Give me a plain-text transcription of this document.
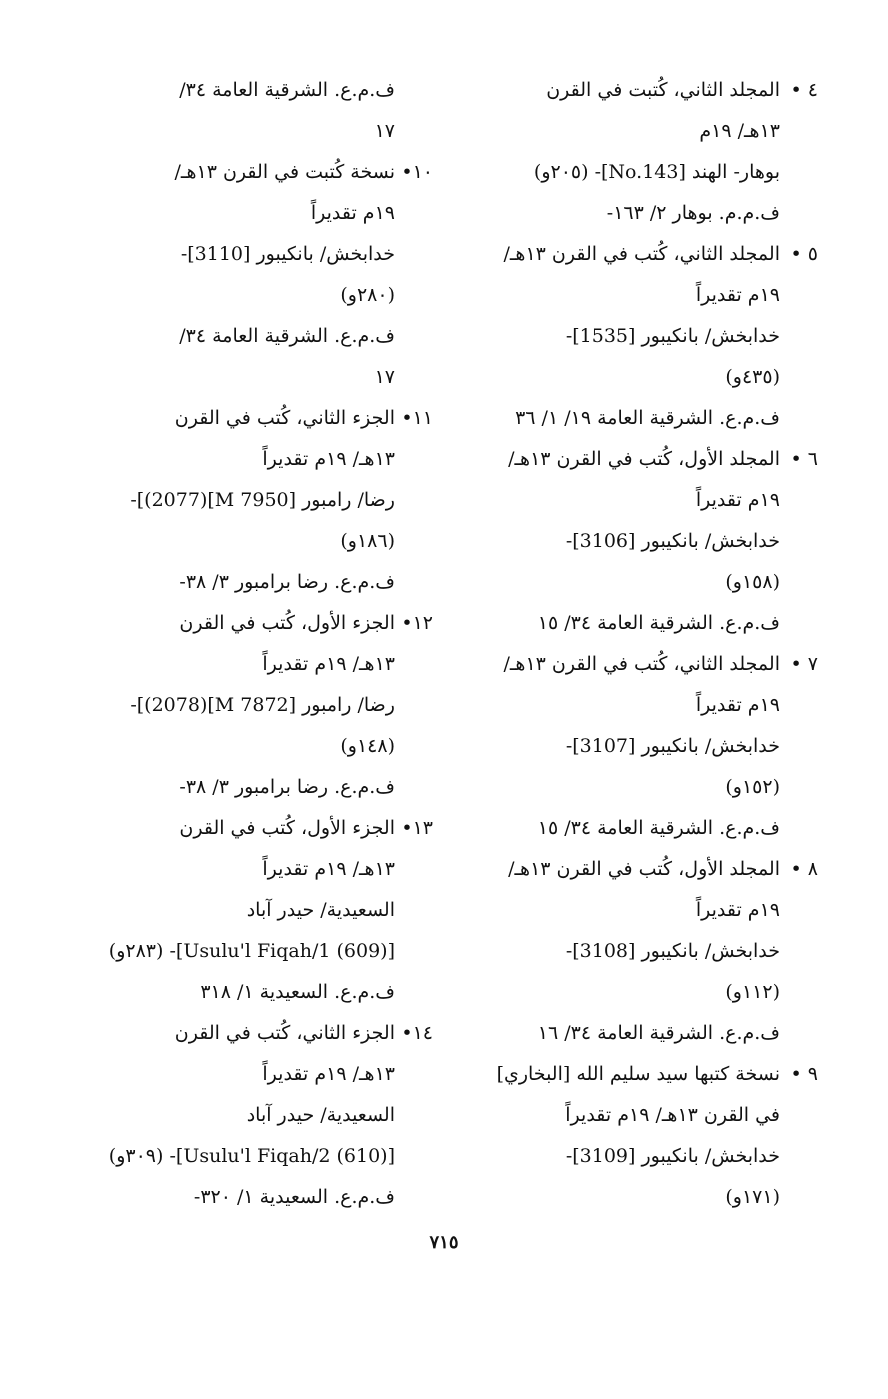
٤ •
المجلد الثاني، كُتبت في القرن
١٣هـ/ ١٩م
بوهار- الهند [No.143]- (٢٠٥و)
ف.م.م. بوهار ٢/ ١٦٣-
٥ •
المجلد الثاني، كُتب في القرن ١٣هـ/
١٩م تقديراً
خدابخش/ بانكيبور [1535]-
(٤٣٥و)
ف.م.ع. الشرقية العامة ١٩/ ١/ ٣٦
٦ •
المجلد الأول، كُتب في القرن ١٣هـ/
١٩م تقديراً
خدابخش/ بانكيبور [3106]-
(١٥٨و)
ف.م.ع. الشرقية العامة ٣٤/ ١٥
٧ •
المجلد الثاني، كُتب في القرن ١٣هـ/
١٩م تقديراً
خدابخش/ بانكيبور [3107]-
(١٥٢و)
ف.م.ع. الشرقية العامة ٣٤/ ١٥
٨ •
المجلد الأول، كُتب في القرن ١٣هـ/
١٩م تقديراً
خدابخش/ بانكيبور [3108]-
(١١٢و)
ف.م.ع. الشرقية العامة ٣٤/ ١٦
٩ •
نسخة كتبها سيد سليم الله [البخاري]
في القرن ١٣هـ/ ١٩م تقديراً
خدابخش/ بانكيبور [3109]-
(١٧١و)
ف.م.ع. الشرقية العامة ٣٤/
١٧
١٠•
نسخة كُتبت في القرن ١٣هـ/
١٩م تقديراً
خدابخش/ بانكيبور [3110]-
(٢٨٠و)
ف.م.ع. الشرقية العامة ٣٤/
١٧
١١•
الجزء الثاني، كُتب في القرن
١٣هـ/ ١٩م تقديراً
رضا/ رامبور [7950 M](2077)]-
(١٨٦و)
ف.م.ع. رضا برامبور ٣/ ٣٨-
١٢•
الجزء الأول، كُتب في القرن
١٣هـ/ ١٩م تقديراً
رضا/ رامبور [7872 M](2078)]-
(١٤٨و)
ف.م.ع. رضا برامبور ٣/ ٣٨-
١٣•
الجزء الأول، كُتب في القرن
١٣هـ/ ١٩م تقديراً
السعيدية/ حيدر آباد
[(609) Usulu'l Fiqah/1]- (٢٨٣و)
ف.م.ع. السعيدية ١/ ٣١٨
١٤•
الجزء الثاني، كُتب في القرن
١٣هـ/ ١٩م تقديراً
السعيدية/ حيدر آباد
[(610) Usulu'l Fiqah/2]- (٣٠٩و)
ف.م.ع. السعيدية ١/ ٣٢٠-
٧١٥
